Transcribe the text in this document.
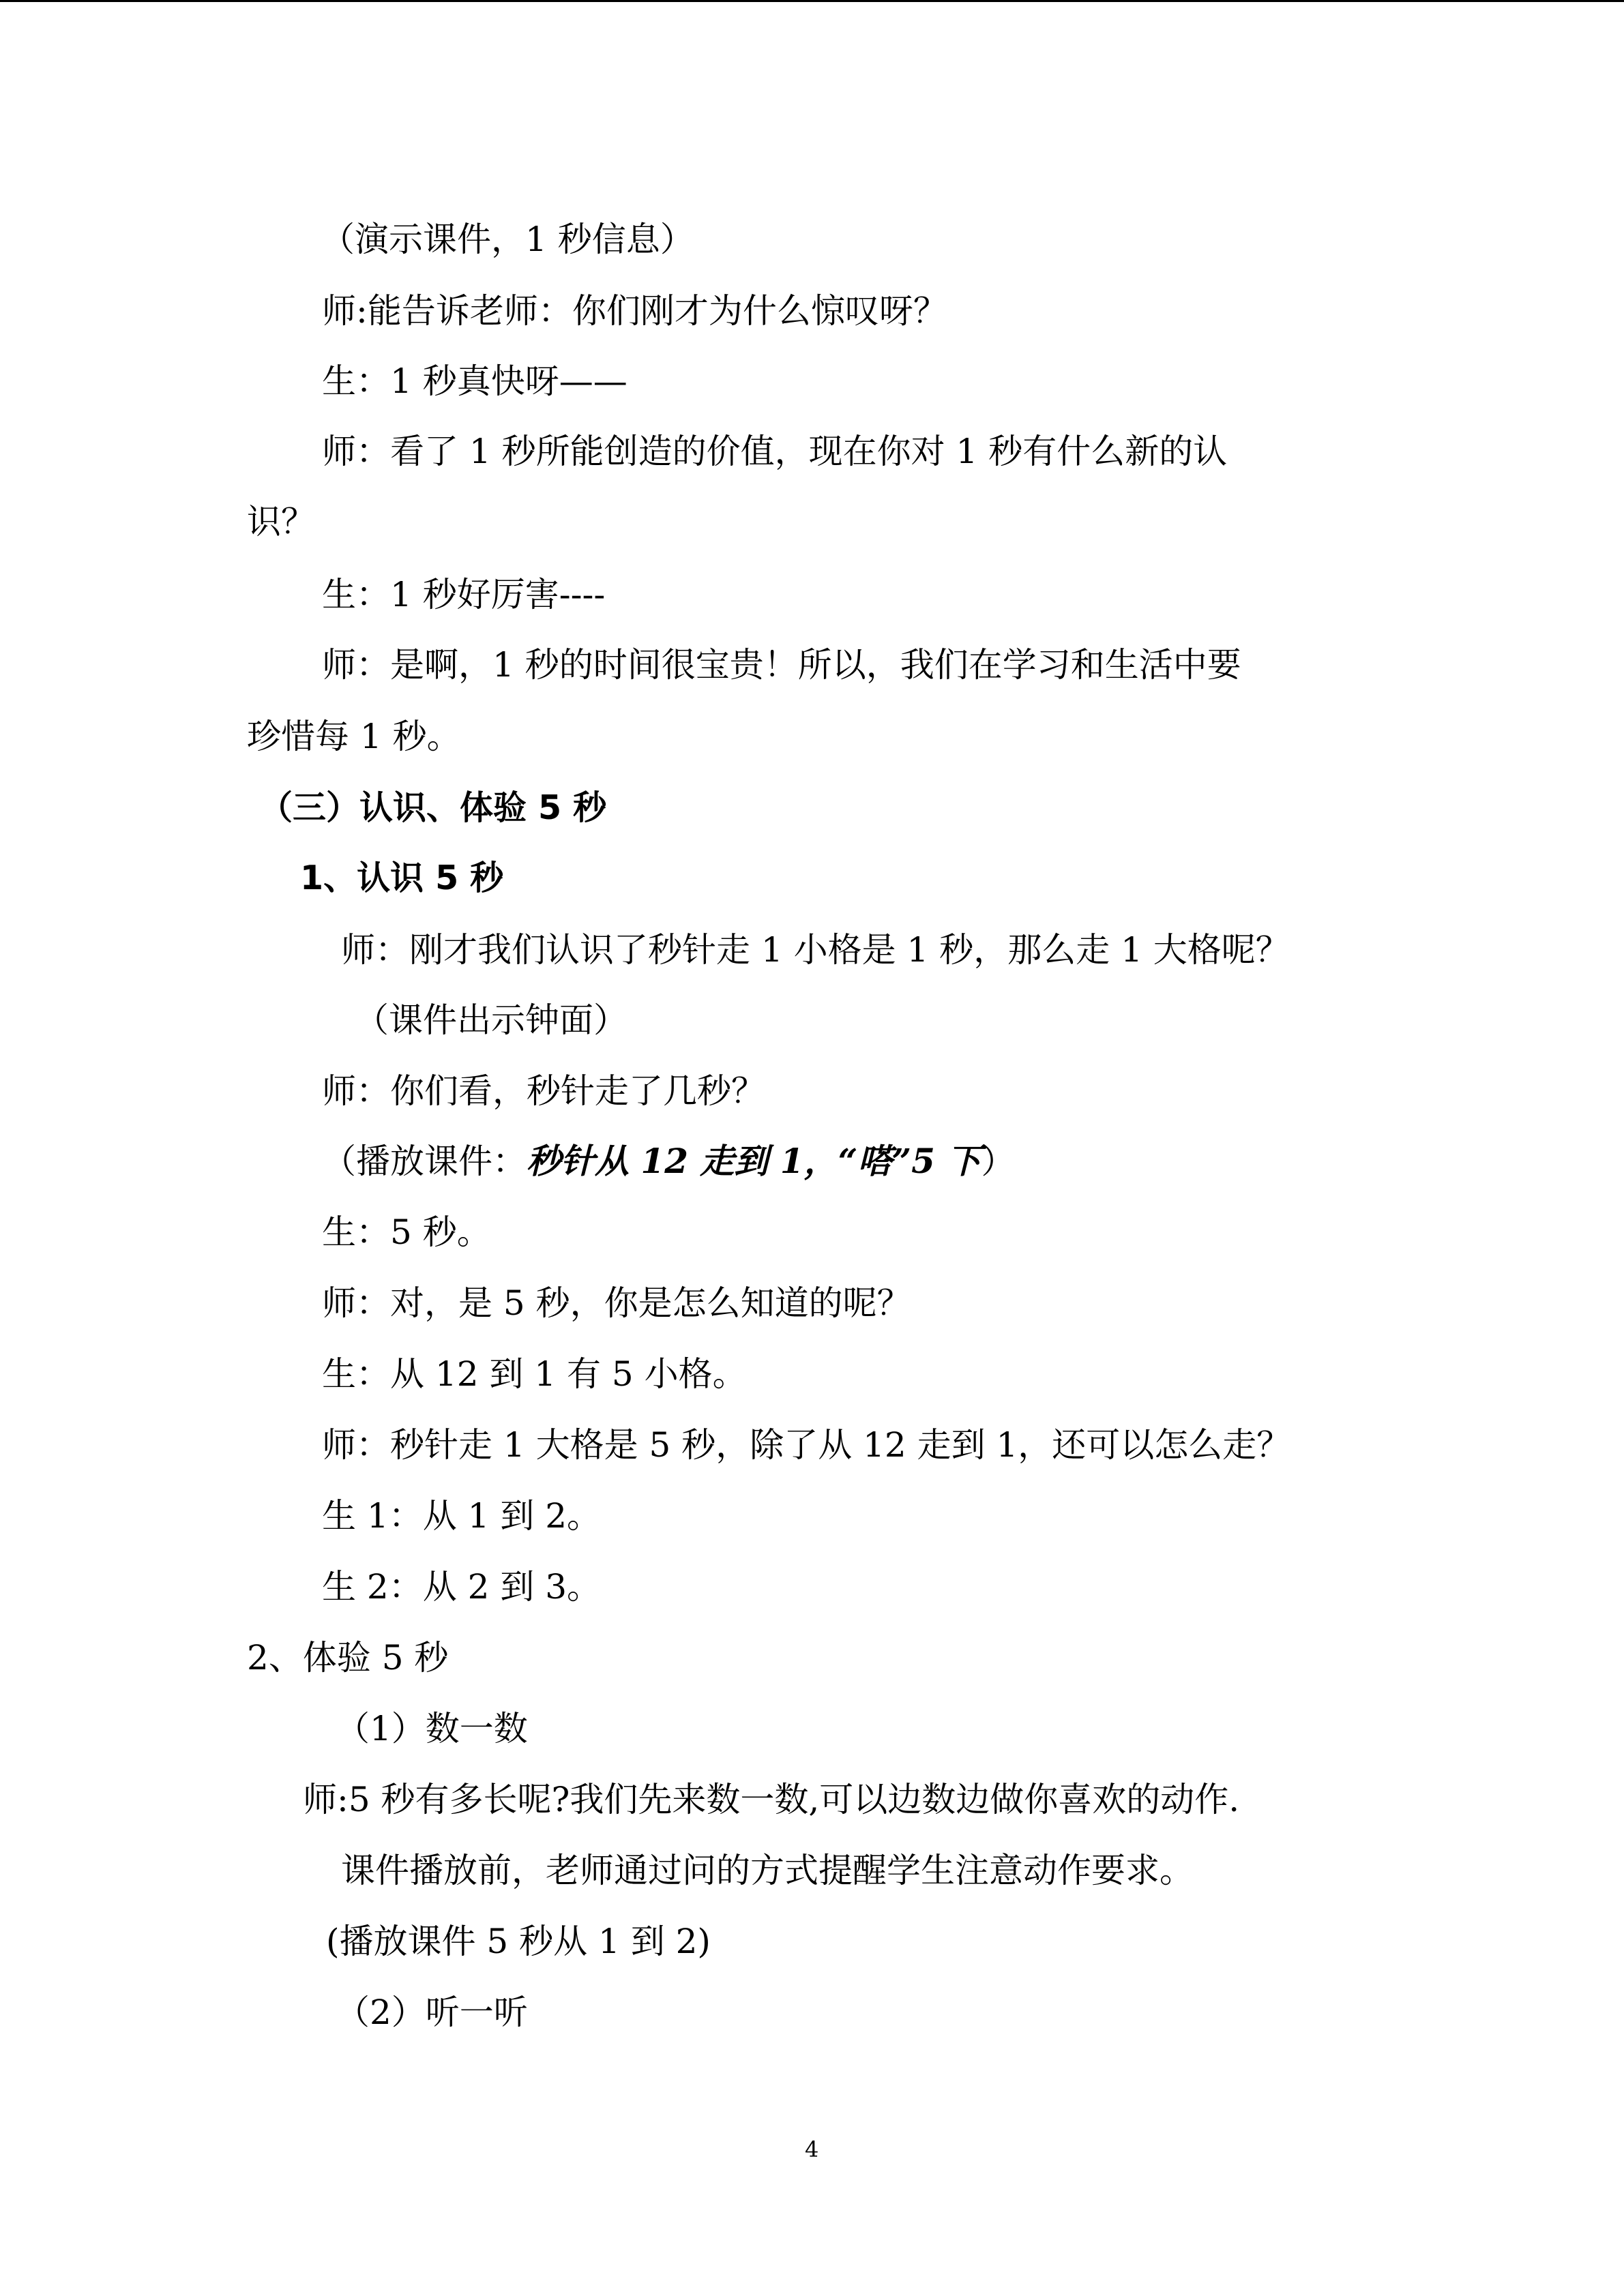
（演示课件，1 秒信息）
师:能告诉老师：你们刚才为什么惊叹呀？
生：1 秒真快呀——
师：看了 1 秒所能创造的价值，现在你对 1 秒有什么新的认
识？
生：1 秒好厉害----
师：是啊，1 秒的时间很宝贵！所以，我们在学习和生活中要
珍惜每 1 秒。
（三）认识、体验 5 秒
1、认识 5 秒
师：刚才我们认识了秒针走 1 小格是 1 秒，那么走 1 大格呢？
（课件出示钟面）
师：你们看，秒针走了几秒？
（播放课件：秒针从 12 走到 1，“嗒”5 下）
生：5 秒。
师：对，是 5 秒，你是怎么知道的呢？
生：从 12 到 1 有 5 小格。
师：秒针走 1 大格是 5 秒，除了从 12 走到 1，还可以怎么走？
生 1：从 1 到 2。
生 2：从 2 到 3。
2、体验 5 秒
（1）数一数
师:5 秒有多长呢?我们先来数一数,可以边数边做你喜欢的动作.
课件播放前，老师通过问的方式提醒学生注意动作要求。
(播放课件 5 秒从 1 到 2)
（2）听一听
4
